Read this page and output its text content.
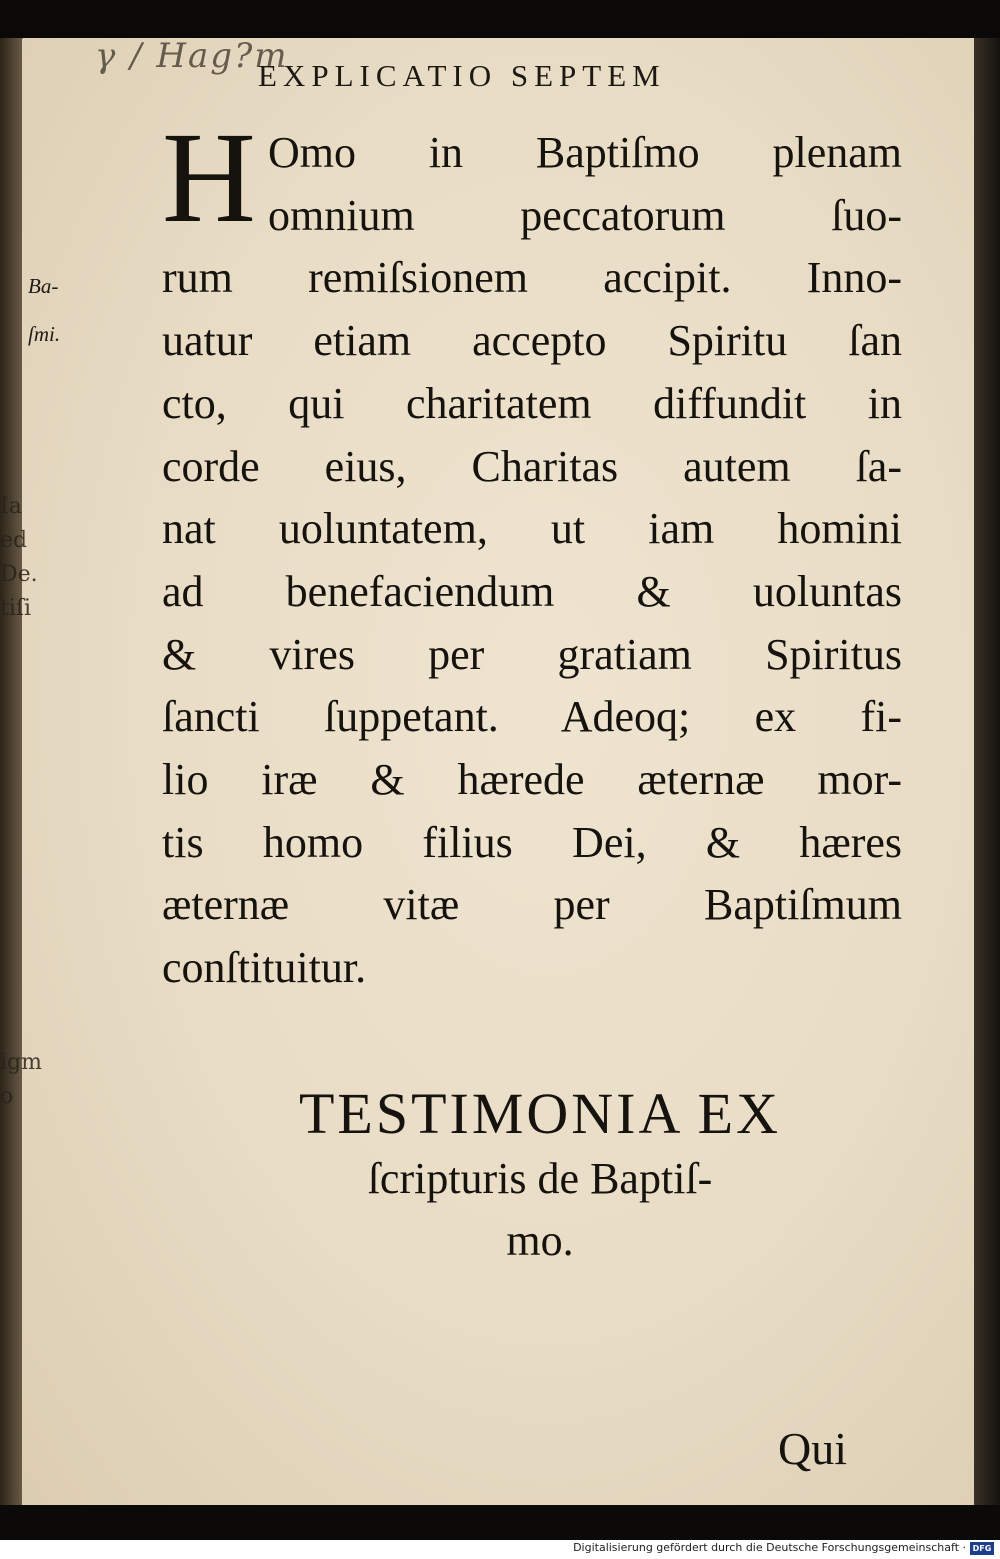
Ia
ed
De.
tiſi
igm
o
γ / Hag?m
EXPLICATIO SEPTEM
Ba-
ſmi.
H Omo in Baptiſmo plenam
omnium peccatorum ſuo-
rum remiſsionem accipit. Inno-
uatur etiam accepto Spiritu ſan
cto, qui charitatem diffundit in
corde eius, Charitas autem ſa-
nat uoluntatem, ut iam homini
ad benefaciendum & uoluntas
& vires per gratiam Spiritus
ſancti ſuppetant. Adeoq; ex fi-
lio iræ & hærede æternæ mor-
tis homo filius Dei, & hæres
æternæ vitæ per Baptiſmum
conſtituitur.
TESTIMONIA EX
ſcripturis de Baptiſ-
mo.
Qui
Digitalisierung gefördert durch die Deutsche Forschungsgemeinschaft · DFG
